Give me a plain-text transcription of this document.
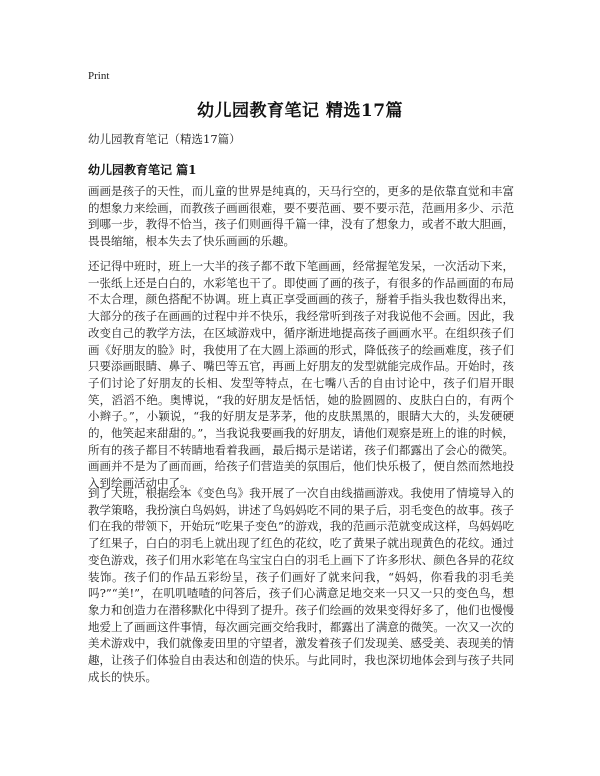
Print
幼儿园教育笔记 精选17篇
幼儿园教育笔记（精选17篇）
幼儿园教育笔记 篇1

画画是孩子的天性，而儿童的世界是纯真的，天马行空的，更多的是依靠直觉和丰富的想象力来绘画，而教孩子画画很难，要不要范画、要不要示范，范画用多少、示范到哪一步，教得不恰当，孩子们则画得千篇一律，没有了想象力，或者不敢大胆画，畏畏缩缩，根本失去了快乐画画的乐趣。

还记得中班时，班上一大半的孩子都不敢下笔画画，经常握笔发呆，一次活动下来，一张纸上还是白白的，水彩笔也干了。即使画了画的孩子，有很多的作品画面的布局不太合理，颜色搭配不协调。班上真正享受画画的孩子，掰着手指头我也数得出来，大部分的孩子在画画的过程中并不快乐，我经常听到孩子对我说他不会画。因此，我改变自己的教学方法，在区域游戏中，循序渐进地提高孩子画画水平。在组织孩子们画《好朋友的脸》时，我使用了在大圆上添画的形式，降低孩子的绘画难度，孩子们只要添画眼睛、鼻子、嘴巴等五官，再画上好朋友的发型就能完成作品。开始时，孩子们讨论了好朋友的长相、发型等特点，在七嘴八舌的自由讨论中，孩子们眉开眼笑，滔滔不绝。奥博说，“我的好朋友是恬恬，她的脸圆圆的、皮肤白白的，有两个小辫子。”，小颖说，“我的好朋友是茅茅，他的皮肤黑黑的，眼睛大大的，头发硬硬的，他笑起来甜甜的。”，当我说我要画我的好朋友，请他们观察是班上的谁的时候，所有的孩子都目不转睛地看着我画，最后揭示是诺诺，孩子们都露出了会心的微笑。画画并不是为了画而画，给孩子们营造美的氛围后，他们快乐极了，便自然而然地投入到绘画活动中了。

到了大班，根据绘本《变色鸟》我开展了一次自由线描画游戏。我使用了情境导入的教学策略，我扮演白鸟妈妈，讲述了鸟妈妈吃不同的果子后，羽毛变色的故事。孩子们在我的带领下，开始玩“吃果子变色”的游戏，我的范画示范就变成这样，鸟妈妈吃了红果子，白白的羽毛上就出现了红色的花纹，吃了黄果子就出现黄色的花纹。通过变色游戏，孩子们用水彩笔在鸟宝宝白白的羽毛上画下了许多形状、颜色各异的花纹装饰。孩子们的作品五彩纷呈，孩子们画好了就来问我，“妈妈，你看我的羽毛美吗?”“美!”，在叽叽喳喳的问答后，孩子们心满意足地交来一只又一只的变色鸟，想象力和创造力在潜移默化中得到了提升。孩子们绘画的效果变得好多了，他们也慢慢地爱上了画画这件事情，每次画完画交给我时，都露出了满意的微笑。一次又一次的美术游戏中，我们就像麦田里的守望者，激发着孩子们发现美、感受美、表现美的情趣，让孩子们体验自由表达和创造的快乐。与此同时，我也深切地体会到与孩子共同成长的快乐。
